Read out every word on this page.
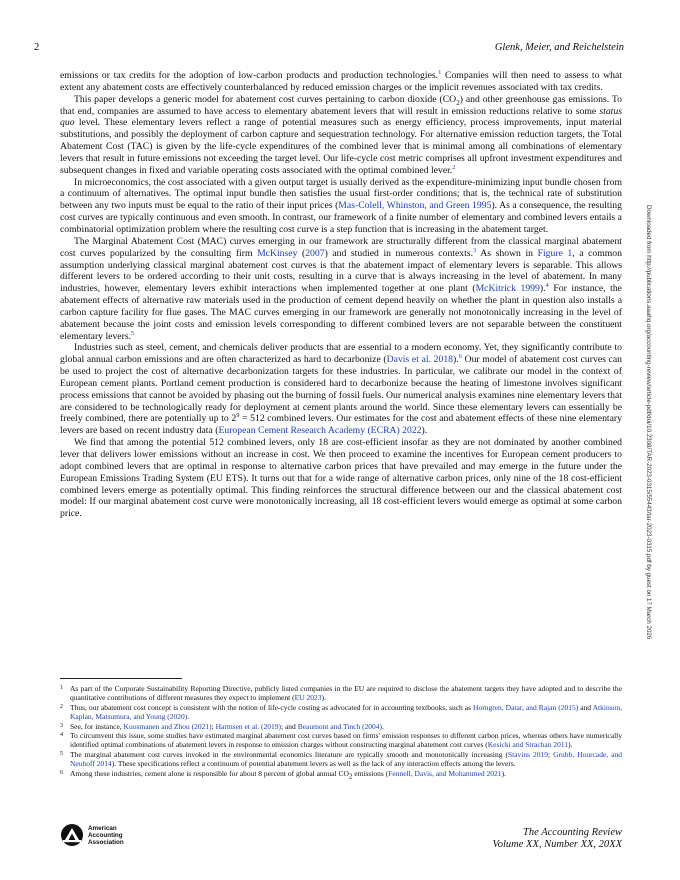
2	Glenk, Meier, and Reichelstein

emissions or tax credits for the adoption of low-carbon products and production technologies.$^1$ Companies will then need to assess to what extent any abatement costs are effectively counterbalanced by reduced emission charges or the implicit revenues associated with tax credits.

This paper develops a generic model for abatement cost curves pertaining to carbon dioxide $(CO_2)$ and other greenhouse gas emissions. To that end, companies are assumed to have access to elementary abatement levers that will result in emission reductions relative to some status quo level. These elementary levers reflect a range of potential measures such as energy efficiency, process improvements, input material substitutions, and possibly the deployment of carbon capture and sequestration technology. For alternative emission reduction targets, the Total Abatement Cost (TAC) is given by the life-cycle expenditures of the combined lever that is minimal among all combinations of elementary levers that result in future emissions not exceeding the target level. Our life-cycle cost metric comprises all upfront investment expenditures and subsequent changes in fixed and variable operating costs associated with the optimal combined lever.$^2$

In microeconomics, the cost associated with a given output target is usually derived as the expenditure-minimizing input bundle chosen from a continuum of alternatives. The optimal input bundle then satisfies the usual first-order conditions; that is, the technical rate of substitution between any two inputs must be equal to the ratio of their input prices (Mas-Colell, Whinston, and Green 1995). As a consequence, the resulting cost curves are typically continuous and even smooth. In contrast, our framework of a finite number of elementary and combined levers entails a combinatorial optimization problem where the resulting cost curve is a step function that is increasing in the abatement target.

The Marginal Abatement Cost (MAC) curves emerging in our framework are structurally different from the classical marginal abatement cost curves popularized by the consulting firm McKinsey (2007) and studied in numerous contexts.$^3$ As shown in Figure 1, a common assumption underlying classical marginal abatement cost curves is that the abatement impact of elementary levers is separable. This allows different levers to be ordered according to their unit costs, resulting in a curve that is always increasing in the level of abatement. In many industries, however, elementary levers exhibit interactions when implemented together at one plant (McKitrick 1999).$^4$ For instance, the abatement effects of alternative raw materials used in the production of cement depend heavily on whether the plant in question also installs a carbon capture facility for flue gases. The MAC curves emerging in our framework are generally not monotonically increasing in the level of abatement because the joint costs and emission levels corresponding to different combined levers are not separable between the constituent elementary levers.$^5$

Industries such as steel, cement, and chemicals deliver products that are essential to a modern economy. Yet, they significantly contribute to global annual carbon emissions and are often characterized as hard to decarbonize (Davis et al. 2018).$^6$ Our model of abatement cost curves can be used to project the cost of alternative decarbonization targets for these industries. In particular, we calibrate our model in the context of European cement plants. Portland cement production is considered hard to decarbonize because the heating of limestone involves significant process emissions that cannot be avoided by phasing out the burning of fossil fuels. Our numerical analysis examines nine elementary levers that are considered to be technologically ready for deployment at cement plants around the world. Since these elementary levers can essentially be freely combined, there are potentially up to $2^9 = 512$ combined levers. Our estimates for the cost and abatement effects of these nine elementary levers are based on recent industry data (European Cement Research Academy (ECRA) 2022).

We find that among the potential 512 combined levers, only 18 are cost-efficient insofar as they are not dominated by another combined lever that delivers lower emissions without an increase in cost. We then proceed to examine the incentives for European cement producers to adopt combined levers that are optimal in response to alternative carbon prices that have prevailed and may emerge in the future under the European Emissions Trading System (EU ETS). It turns out that for a wide range of alternative carbon prices, only nine of the 18 cost-efficient combined levers emerge as potentially optimal. This finding reinforces the structural difference between our and the classical abatement cost model: If our marginal abatement cost curve were monotonically increasing, all 18 cost-efficient levers would emerge as optimal at some carbon price.

1 As part of the Corporate Sustainability Reporting Directive, publicly listed companies in the EU are required to disclose the abatement targets they have adopted and to describe the quantitative contributions of different measures they expect to implement (EU 2023).

2 Thus, our abatement cost concept is consistent with the notion of life-cycle costing as advocated for in accounting textbooks, such as Horngren, Datar, and Rajan (2015) and Atkinson, Kaplan, Matsumura, and Young (2020).

3 See, for instance, Kuosmanen and Zhou (2021); Harmsen et al. (2019); and Beaumont and Tinch (2004).

4 To circumvent this issue, some studies have estimated marginal abatement cost curves based on firms' emission responses to different carbon prices, whereas others have numerically identified optimal combinations of abatement levers in response to emission charges without constructing marginal abatement cost curves (Kesicki and Strachan 2011).

5 The marginal abatement cost curves invoked in the environmental economics literature are typically smooth and monotonically increasing (Stavins 2019; Grubb, Hourcade, and Neuhoff 2014). These specifications reflect a continuum of potential abatement levers as well as the lack of any interaction effects among the levers.

6 Among these industries, cement alone is responsible for about 8 percent of global annual CO2 emissions (Fennell, Davis, and Mohammed 2021).

Downloaded from http://publications.aaahq.org/accounting-review/article-pdf/doi/10.2308/TAR-2023-0315/55443/tar-2023-0315.pdf by guest on 17 March 2026
American
Accounting
Association
The Accounting Review
Volume XX, Number XX, 20XX
